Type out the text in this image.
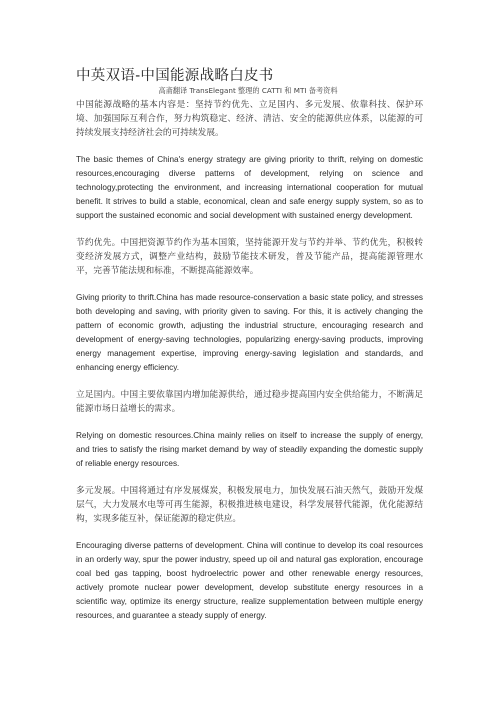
中英双语-中国能源战略白皮书
高斋翻译 TransElegant 整理的 CATTI 和 MTI 备考资料

中国能源战略的基本内容是：坚持节约优先、立足国内、多元发展、依靠科技、保护环境、加强国际互利合作，努力构筑稳定、经济、清洁、安全的能源供应体系，以能源的可持续发展支持经济社会的可持续发展。

The basic themes of China's energy strategy are giving priority to thrift, relying on domestic resources,encouraging diverse patterns of development, relying on science and technology,protecting the environment, and increasing international cooperation for mutual benefit. It strives to build a stable, economical, clean and safe energy supply system, so as to support the sustained economic and social development with sustained energy development.

节约优先。中国把资源节约作为基本国策，坚持能源开发与节约并举、节约优先，积极转变经济发展方式，调整产业结构，鼓励节能技术研发，普及节能产品，提高能源管理水平，完善节能法规和标准，不断提高能源效率。

Giving priority to thrift.China has made resource-conservation a basic state policy, and stresses both developing and saving, with priority given to saving. For this, it is actively changing the pattern of economic growth, adjusting the industrial structure, encouraging research and development of energy-saving technologies, popularizing energy-saving products, improving energy management expertise, improving energy-saving legislation and standards, and enhancing energy efficiency.

立足国内。中国主要依靠国内增加能源供给，通过稳步提高国内安全供给能力，不断满足能源市场日益增长的需求。

Relying on domestic resources.China mainly relies on itself to increase the supply of energy, and tries to satisfy the rising market demand by way of steadily expanding the domestic supply of reliable energy resources.

多元发展。中国将通过有序发展煤炭，积极发展电力，加快发展石油天然气，鼓励开发煤层气，大力发展水电等可再生能源，积极推进核电建设，科学发展替代能源，优化能源结构，实现多能互补，保证能源的稳定供应。

Encouraging diverse patterns of development. China will continue to develop its coal resources in an orderly way, spur the power industry, speed up oil and natural gas exploration, encourage coal bed gas tapping, boost hydroelectric power and other renewable energy resources, actively promote nuclear power development, develop substitute energy resources in a scientific way, optimize its energy structure, realize supplementation between multiple energy resources, and guarantee a steady supply of energy.
